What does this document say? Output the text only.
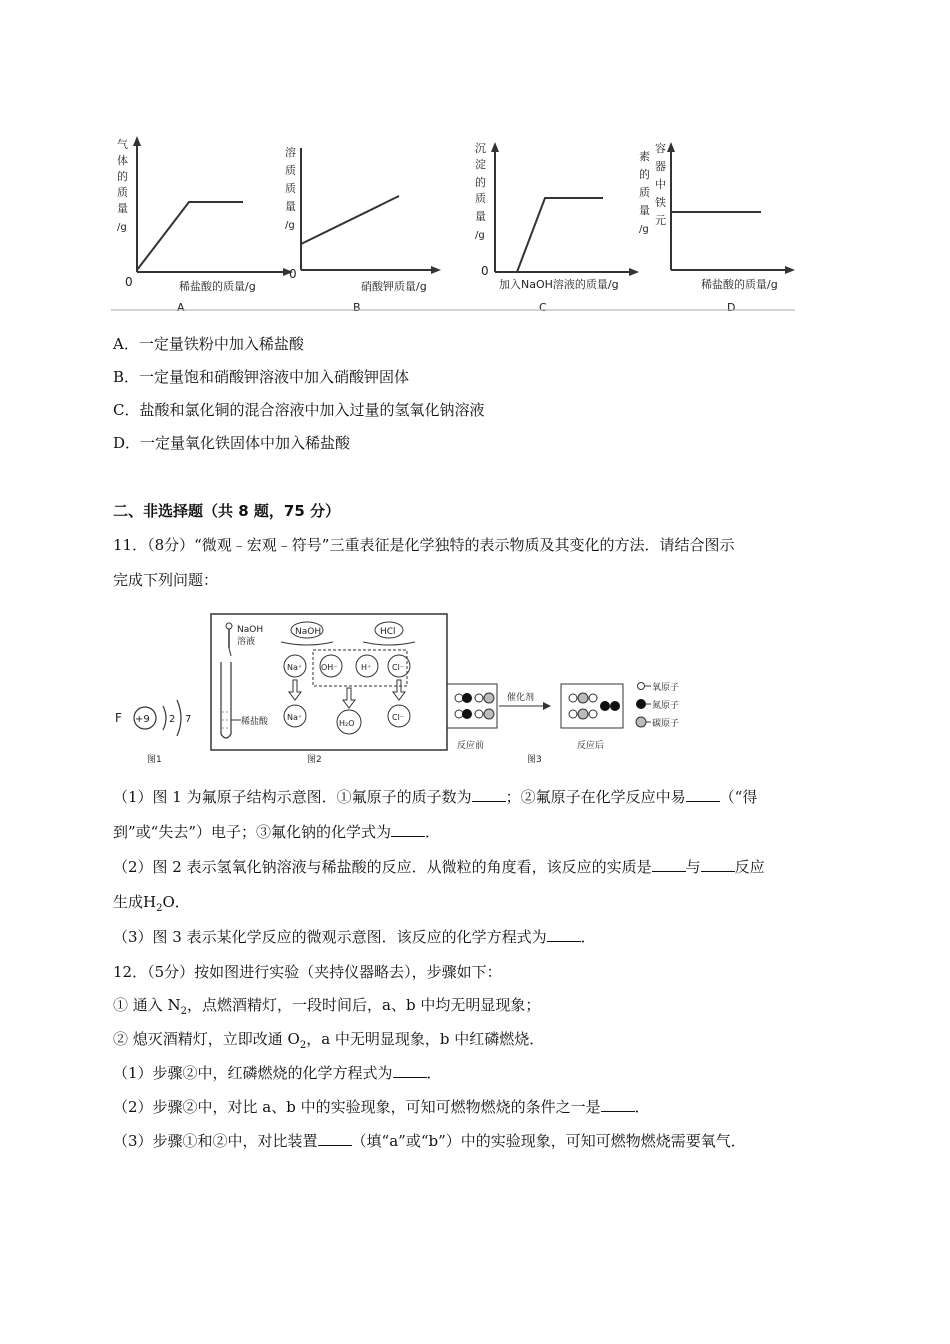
气
体
的
质
量
/g
0	稀盐酸的质量/g
A
溶
质
质
量
/g
0
硝酸钾质量/g
B
沉
淀
的
质
量
/g
0
加入NaOH溶液的质量/g
C
素
的
质
量
/g
容
器
中
铁
元
稀盐酸的质量/g
D
A．一定量铁粉中加入稀盐酸
B．一定量饱和硝酸钾溶液中加入硝酸钾固体
C．盐酸和氯化铜的混合溶液中加入过量的氢氧化钠溶液
D．一定量氧化铁固体中加入稀盐酸
二、非选择题（共 8 题，75 分）
11．（8分）“微观﹣宏观﹣符号”三重表征是化学独特的表示物质及其变化的方法．请结合图示
完成下列问题：
F +9 2 7
图1
NaOH
溶液
稀盐酸
NaOH	HCl
Na⁺ OH⁻	H⁺	Cl⁻
Na⁺
H₂O
Cl⁻
图2
反应前
催化剂
反应后
图3
氧原子
氮原子
碳原子
（1）图 1 为氟原子结构示意图．①氟原子的质子数为 ；②氟原子在化学反应中易 （“得
到”或“失去”）电子；③氟化钠的化学式为 ．
（2）图 2 表示氢氧化钠溶液与稀盐酸的反应．从微粒的角度看，该反应的实质是 与 反应
生成$H_2O$．
（3）图 3 表示某化学反应的微观示意图．该反应的化学方程式为 ．
12．（5分）按如图进行实验（夹持仪器略去），步骤如下：
① 通入 $N_2$，点燃酒精灯，一段时间后，a、b 中均无明显现象；
② 熄灭酒精灯，立即改通 $O_2$，a 中无明显现象，b 中红磷燃烧．
（1）步骤②中，红磷燃烧的化学方程式为 ．
（2）步骤②中，对比 a、b 中的实验现象，可知可燃物燃烧的条件之一是 ．
（3）步骤①和②中，对比装置 （填“a”或“b”）中的实验现象，可知可燃物燃烧需要氧气．
